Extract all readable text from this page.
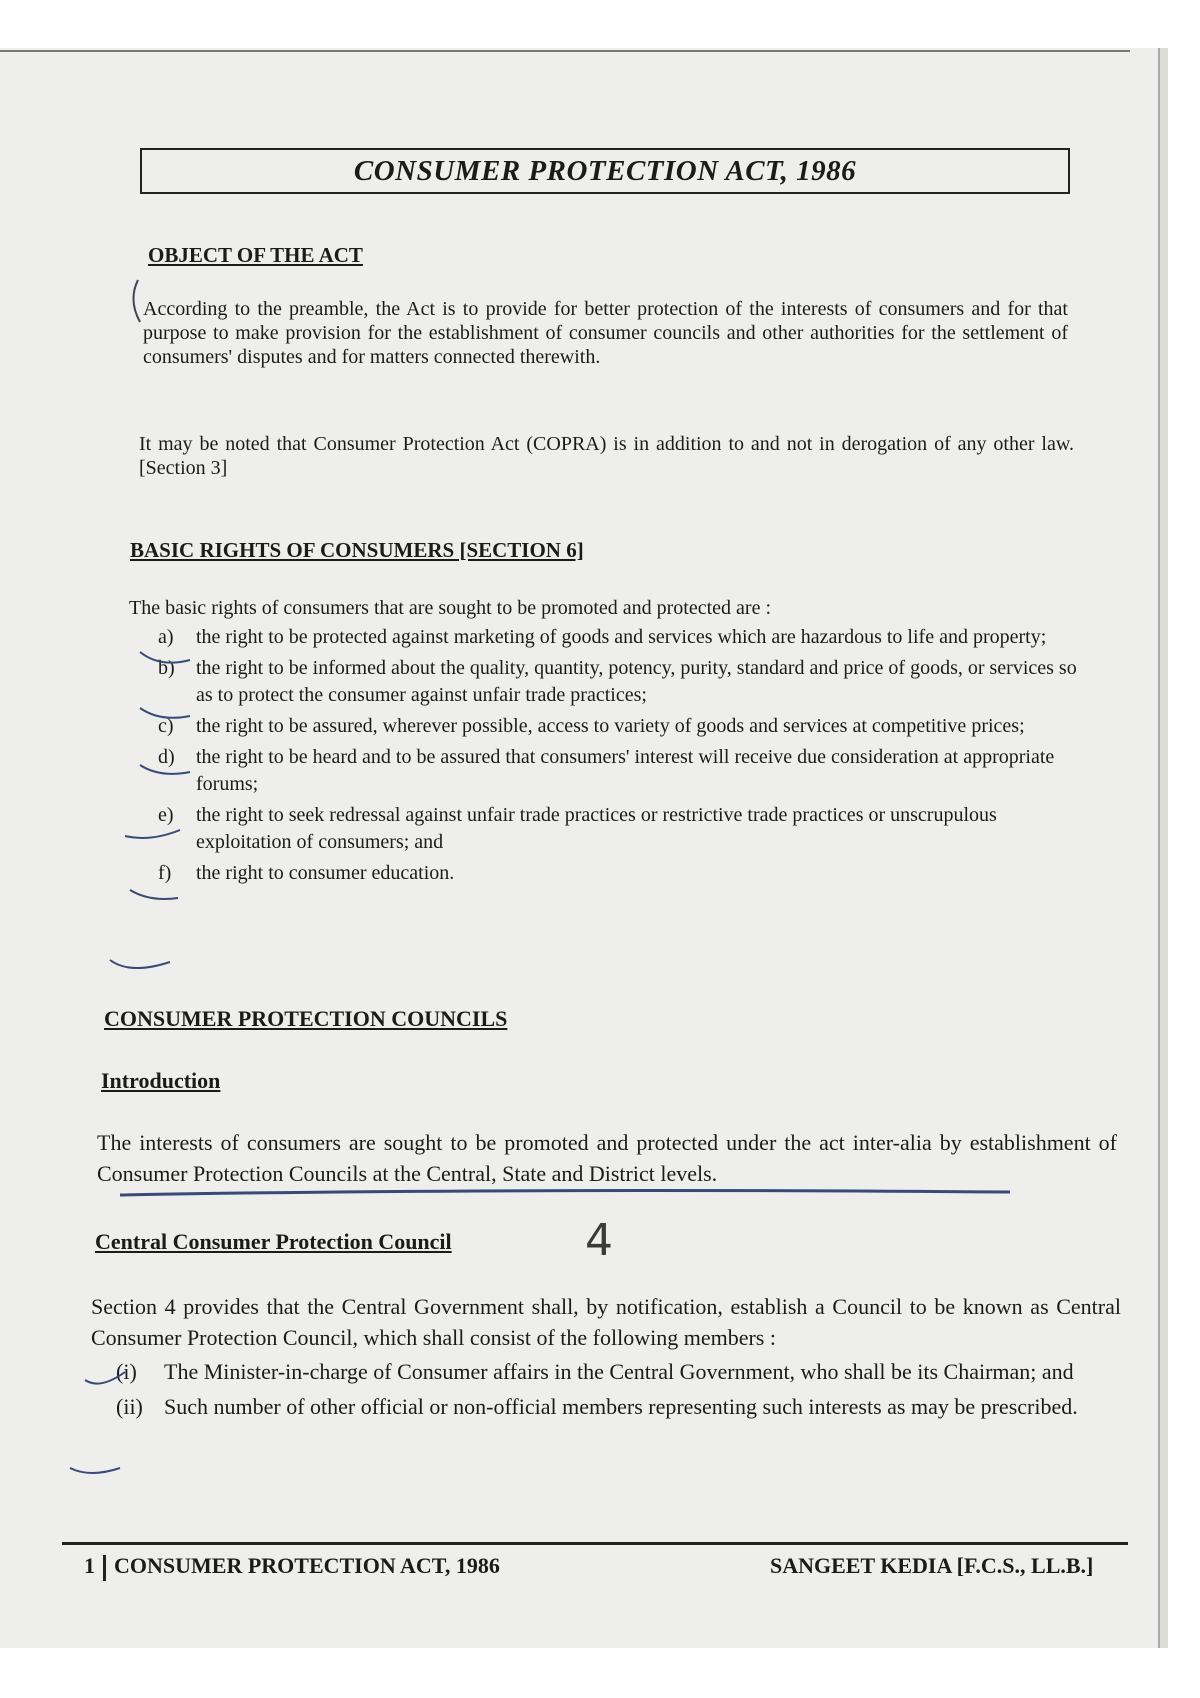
CONSUMER PROTECTION ACT, 1986
OBJECT OF THE ACT
According to the preamble, the Act is to provide for better protection of the interests of consumers and for that purpose to make provision for the establishment of consumer councils and other authorities for the settlement of consumers' disputes and for matters connected therewith.
It may be noted that Consumer Protection Act (COPRA) is in addition to and not in derogation of any other law. [Section 3]
BASIC RIGHTS OF CONSUMERS [SECTION 6]
The basic rights of consumers that are sought to be promoted and protected are :
a)	the right to be protected against marketing of goods and services which are hazardous to life and property;
b)	the right to be informed about the quality, quantity, potency, purity, standard and price of goods, or services so as to protect the consumer against unfair trade practices;
c)	the right to be assured, wherever possible, access to variety of goods and services at competitive prices;
d)	the right to be heard and to be assured that consumers' interest will receive due consideration at appropriate forums;
e)	the right to seek redressal against unfair trade practices or restrictive trade practices or unscrupulous exploitation of consumers; and
f)	the right to consumer education.
CONSUMER PROTECTION COUNCILS
Introduction
The interests of consumers are sought to be promoted and protected under the act inter-alia by establishment of Consumer Protection Councils at the Central, State and District levels.
Central Consumer Protection Council	4
Section 4 provides that the Central Government shall, by notification, establish a Council to be known as Central Consumer Protection Council, which shall consist of the following members :
(i)	The Minister-in-charge of Consumer affairs in the Central Government, who shall be its Chairman; and
(ii) Such number of other official or non-official members representing such interests as may be prescribed.
1 CONSUMER PROTECTION ACT, 1986	SANGEET KEDIA [F.C.S., LL.B.]
